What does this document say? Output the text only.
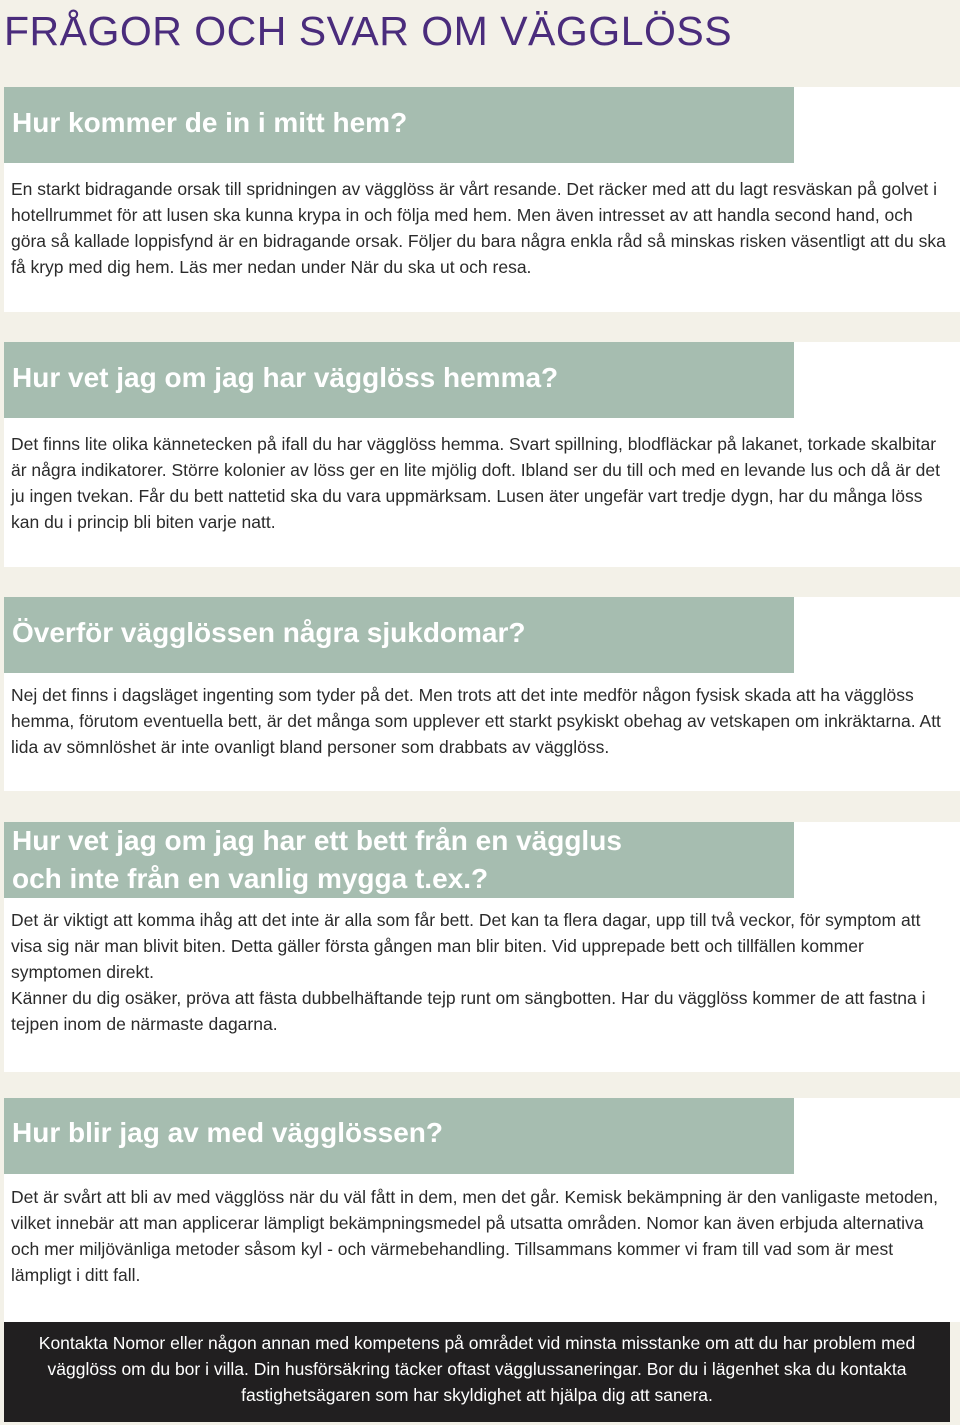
FRÅGOR OCH SVAR OM VÄGGLÖSS
Hur kommer de in i mitt hem?

En starkt bidragande orsak till spridningen av vägglöss är vårt resande. Det räcker med att du lagt resväskan på golvet i hotellrummet för att lusen ska kunna krypa in och följa med hem. Men även intresset av att handla second hand, och göra så kallade loppisfynd är en bidragande orsak. Följer du bara några enkla råd så minskas risken väsentligt att du ska få kryp med dig hem. Läs mer nedan under När du ska ut och resa.

Hur vet jag om jag har vägglöss hemma?

Det finns lite olika kännetecken på ifall du har vägglöss hemma. Svart spillning, blodfläckar på lakanet, torkade skalbitar är några indikatorer. Större kolonier av löss ger en lite mjölig doft. Ibland ser du till och med en levande lus och då är det ju ingen tvekan. Får du bett nattetid ska du vara uppmärksam. Lusen äter ungefär vart tredje dygn, har du många löss kan du i princip bli biten varje natt.

Överför vägglössen några sjukdomar?

Nej det finns i dagsläget ingenting som tyder på det. Men trots att det inte medför någon fysisk skada att ha vägglöss hemma, förutom eventuella bett, är det många som upplever ett starkt psykiskt obehag av vetskapen om inkräktarna. Att lida av sömnlöshet är inte ovanligt bland personer som drabbats av vägglöss.

Hur vet jag om jag har ett bett från en vägglus
och inte från en vanlig mygga t.ex.?

Det är viktigt att komma ihåg att det inte är alla som får bett. Det kan ta flera dagar, upp till två veckor, för symptom att visa sig när man blivit biten. Detta gäller första gången man blir biten. Vid upprepade bett och tillfällen kommer symptomen direkt.

Känner du dig osäker, pröva att fästa dubbelhäftande tejp runt om sängbotten. Har du vägglöss kommer de att fastna i tejpen inom de närmaste dagarna.

Hur blir jag av med vägglössen?

Det är svårt att bli av med vägglöss när du väl fått in dem, men det går. Kemisk bekämpning är den vanligaste metoden, vilket innebär att man applicerar lämpligt bekämpningsmedel på utsatta områden. Nomor kan även erbjuda alternativa och mer miljövänliga metoder såsom kyl - och värmebehandling. Tillsammans kommer vi fram till vad som är mest lämpligt i ditt fall.

Kontakta Nomor eller någon annan med kompetens på området vid minsta misstanke om att du har problem med vägglöss om du bor i villa. Din husförsäkring täcker oftast vägglussaneringar. Bor du i lägenhet ska du kontakta fastighetsägaren som har skyldighet att hjälpa dig att sanera.
